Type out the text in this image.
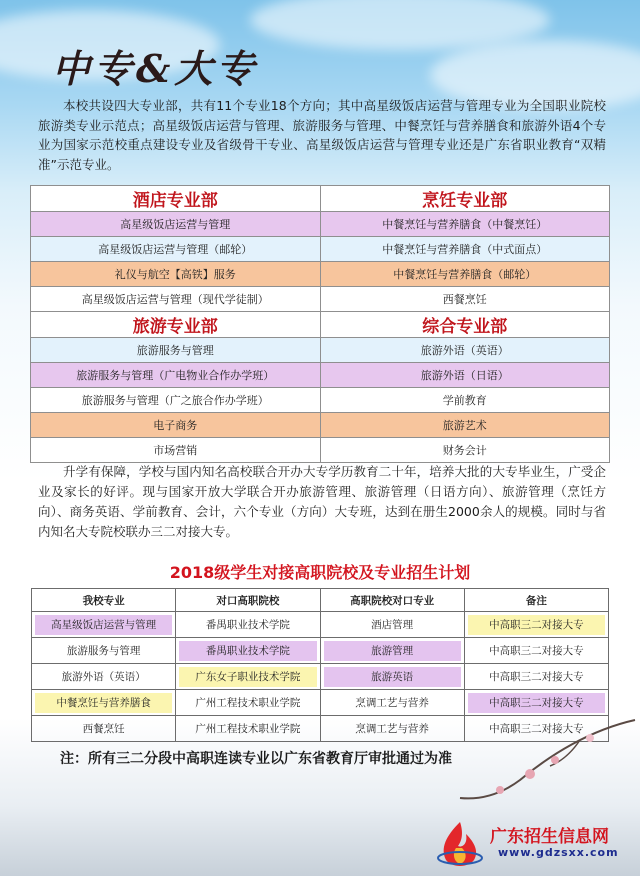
中专&大专
本校共设四大专业部，共有11个专业18个方向；其中高星级饭店运营与管理专业为全国职业院校旅游类专业示范点；高星级饭店运营与管理、旅游服务与管理、中餐烹饪与营养膳食和旅游外语4个专业为国家示范校重点建设专业及省级骨干专业、高星级饭店运营与管理专业还是广东省职业教育“双精准”示范专业。
酒店专业部	烹饪专业部
高星级饭店运营与管理	中餐烹饪与营养膳食（中餐烹饪）
高星级饭店运营与管理（邮轮）	中餐烹饪与营养膳食（中式面点）
礼仪与航空【高铁】服务	中餐烹饪与营养膳食（邮轮）
高星级饭店运营与管理（现代学徒制）	西餐烹饪
旅游专业部	综合专业部
旅游服务与管理	旅游外语（英语）
旅游服务与管理（广电物业合作办学班）	旅游外语（日语）
旅游服务与管理（广之旅合作办学班）	学前教育
电子商务	旅游艺术
市场营销	财务会计
升学有保障，学校与国内知名高校联合开办大专学历教育二十年，培养大批的大专毕业生，广受企业及家长的好评。现与国家开放大学联合开办旅游管理、旅游管理（日语方向）、旅游管理（烹饪方向）、商务英语、学前教育、会计，六个专业（方向）大专班，达到在册生2000余人的规模。同时与省内知名大专院校联办三二对接大专。
2018级学生对接高职院校及专业招生计划
我校专业	对口高职院校	高职院校对口专业	备注

高星级饭店运营与管理	番禺职业技术学院	酒店管理	中高职三二对接大专

旅游服务与管理	番禺职业技术学院	旅游管理	中高职三二对接大专

旅游外语（英语）	广东女子职业技术学院	旅游英语	中高职三二对接大专

中餐烹饪与营养膳食	广州工程技术职业学院	烹调工艺与营养	中高职三二对接大专

西餐烹饪	广州工程技术职业学院	烹调工艺与营养	中高职三二对接大专
注：所有三二分段中高职连读专业以广东省教育厅审批通过为准
广东招生信息网
www.gdzsxx.com
